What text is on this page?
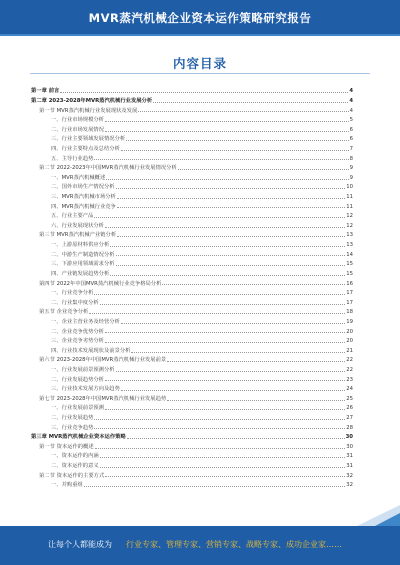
MVR蒸汽机械企业资本运作策略研究报告
内容目录
第一章 前言	4
第二章 2023-2028年MVR蒸汽机械行业发展分析	4
第一节 MVR蒸汽机械行业发展现状及发展	4
一、行业市场规模分析	5
二、行业市场发展情况	6
三、行业主要领域发展情况分析	6
四、行业主要特点及总结分析	7
五、主导行业趋势	8
第二节 2022-2023年中国MVR蒸汽机械行业发展情况分析	9
一、MVR蒸汽机械概述	9
二、国外市场生产情况分析	10
三、MVR蒸汽机械市场分析	11
四、MVR蒸汽机械行业竞争	11
五、行业主要产品	12
六、行业发展现状分析	12
第三节 MVR蒸汽机械产业链分析	13
一、上游原材料供应分析	13
二、中游生产制造情况分析	14
三、下游应用领域需求分析	15
四、产业链发展趋势分析	15
第四节 2022年中国MVR蒸汽机械行业竞争格局分析	16
一、行业竞争分析	17
二、行业集中度分析	17
第五节 企业竞争分析	18
一、企业主营业务及经营分析	19
二、企业竞争优势分析	20
三、企业竞争劣势分析	20
四、行业技术发展现状及前景分析	21
第六节 2023-2028年中国MVR蒸汽机械行业发展前景	22
一、行业发展前景预测分析	22
二、行业发展趋势分析	23
三、行业技术发展方向及趋势	24
第七节 2023-2028年中国MVR蒸汽机械行业发展趋势	25
一、行业发展前景预测	26
二、行业发展趋势	27
三、行业竞争趋势	28
第三章 MVR蒸汽机械企业资本运作策略	30
第一节 资本运作的概述	30
一、资本运作的内涵	31
二、资本运作的意义	31
第二节 资本运作的主要方式	32
一、并购重组	32
让每个人都能成为 行业专家、管理专家、营销专家、战略专家、成功企业家……
